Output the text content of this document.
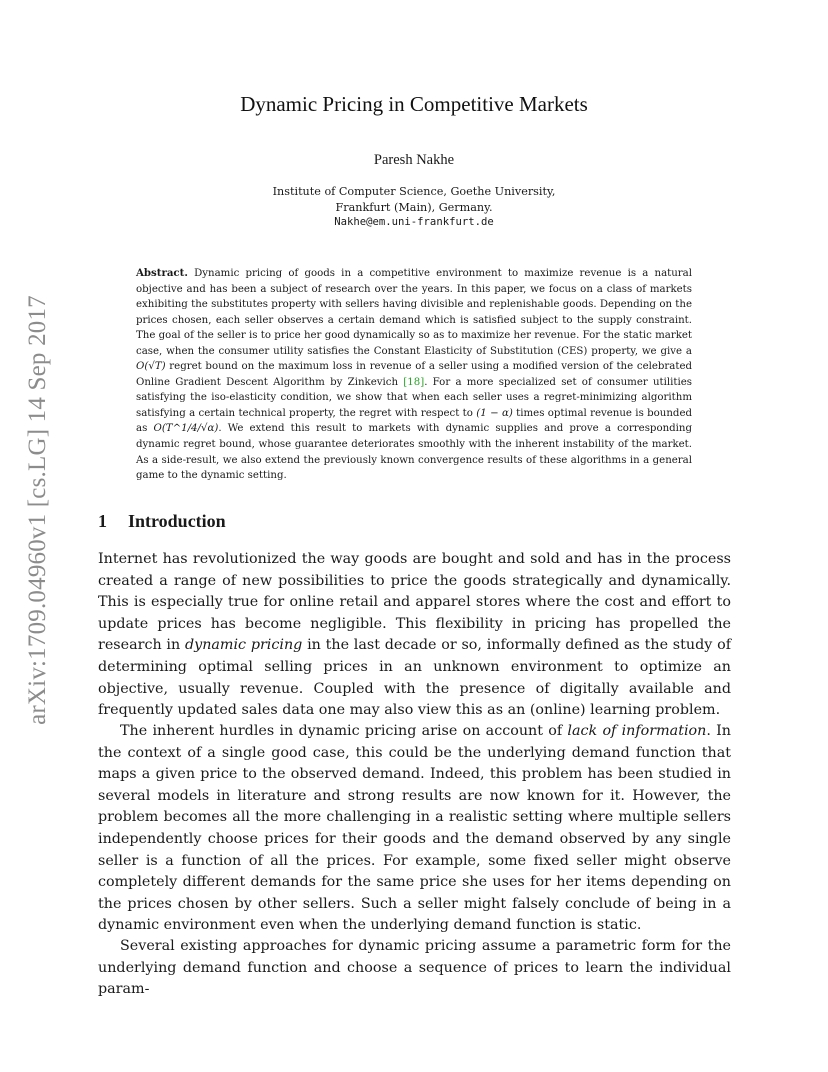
arXiv:1709.04960v1 [cs.LG] 14 Sep 2017
Dynamic Pricing in Competitive Markets
Paresh Nakhe
Institute of Computer Science, Goethe University,
Frankfurt (Main), Germany.
Nakhe@em.uni-frankfurt.de
Abstract. Dynamic pricing of goods in a competitive environment to maximize revenue is a natural objective and has been a subject of research over the years. In this paper, we focus on a class of markets exhibiting the substitutes property with sellers having divisible and replenishable goods. Depending on the prices chosen, each seller observes a certain demand which is satisfied subject to the supply constraint. The goal of the seller is to price her good dynamically so as to maximize her revenue. For the static market case, when the consumer utility satisfies the Constant Elasticity of Substitution (CES) property, we give a O(√T) regret bound on the maximum loss in revenue of a seller using a modified version of the celebrated Online Gradient Descent Algorithm by Zinkevich [18]. For a more specialized set of consumer utilities satisfying the iso-elasticity condition, we show that when each seller uses a regret-minimizing algorithm satisfying a certain technical property, the regret with respect to (1 − α) times optimal revenue is bounded as O(T^1/4/√α). We extend this result to markets with dynamic supplies and prove a corresponding dynamic regret bound, whose guarantee deteriorates smoothly with the inherent instability of the market. As a side-result, we also extend the previously known convergence results of these algorithms in a general game to the dynamic setting.
1 Introduction

Internet has revolutionized the way goods are bought and sold and has in the process created a range of new possibilities to price the goods strategically and dynamically. This is especially true for online retail and apparel stores where the cost and effort to update prices has become negligible. This flexibility in pricing has propelled the research in dynamic pricing in the last decade or so, informally defined as the study of determining optimal selling prices in an unknown environment to optimize an objective, usually revenue. Coupled with the presence of digitally available and frequently updated sales data one may also view this as an (online) learning problem.

The inherent hurdles in dynamic pricing arise on account of lack of information. In the context of a single good case, this could be the underlying demand function that maps a given price to the observed demand. Indeed, this problem has been studied in several models in literature and strong results are now known for it. However, the problem becomes all the more challenging in a realistic setting where multiple sellers independently choose prices for their goods and the demand observed by any single seller is a function of all the prices. For example, some fixed seller might observe completely different demands for the same price she uses for her items depending on the prices chosen by other sellers. Such a seller might falsely conclude of being in a dynamic environment even when the underlying demand function is static.

Several existing approaches for dynamic pricing assume a parametric form for the underlying demand function and choose a sequence of prices to learn the individual param-
